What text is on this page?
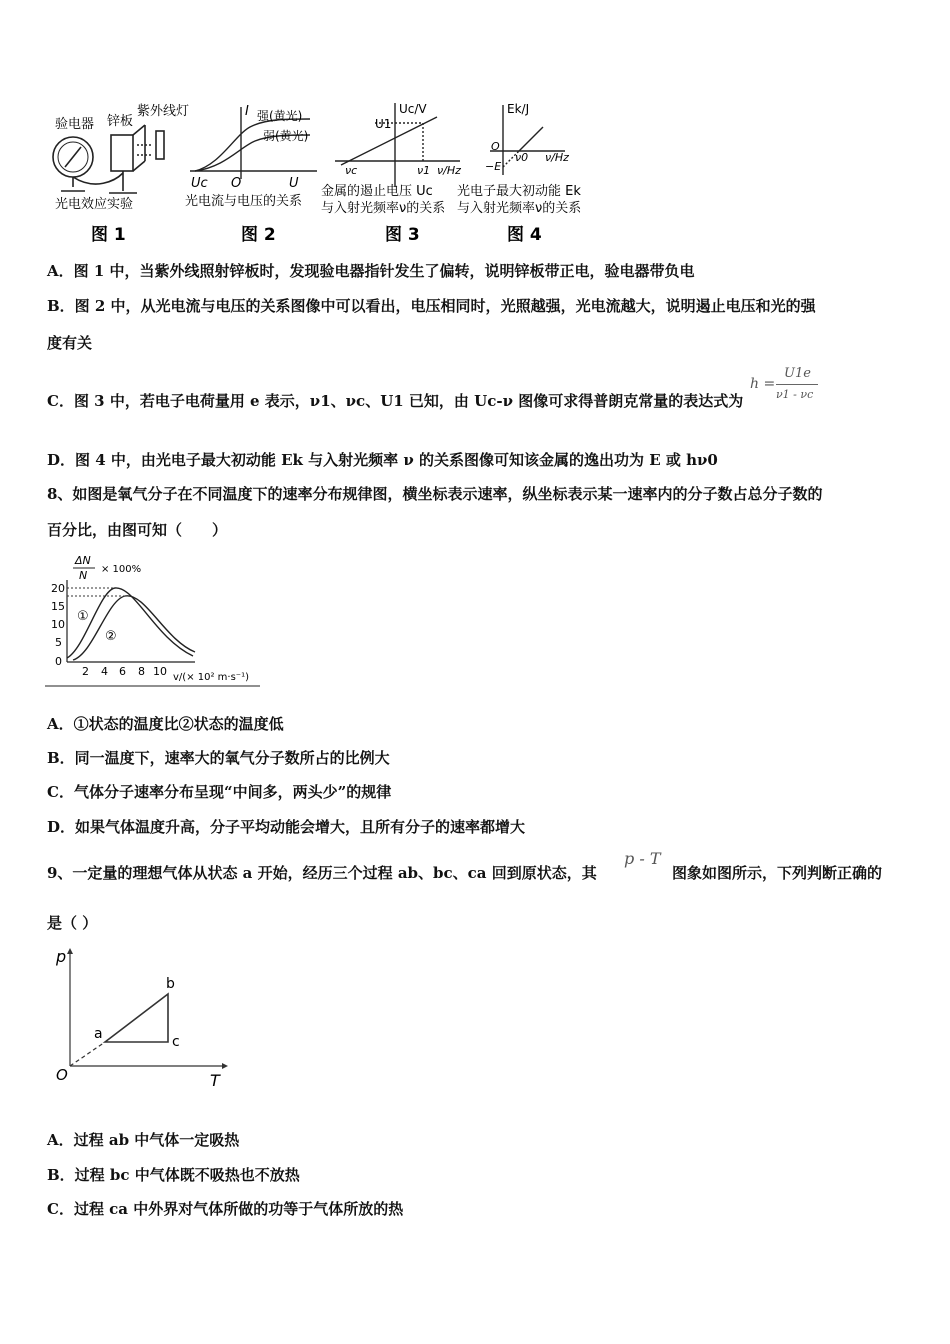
验电器 锌板
紫外线灯
光电效应实验
图 1
I 强(黄光)
弱(黄光)
Uc O	U
光电流与电压的关系
图 2
Uc/V
U1
νc	ν1 ν/Hz
金属的遏止电压 Uc
与入射光频率ν的关系
图 3
Ek/J
O
ν0
−E
ν/Hz
光电子最大初动能 Ek
与入射光频率ν的关系
图 4
A．图 1 中，当紫外线照射锌板时，发现验电器指针发生了偏转，说明锌板带正电，验电器带负电
B．图 2 中，从光电流与电压的关系图像中可以看出，电压相同时，光照越强，光电流越大，说明遏止电压和光的强
度有关
C．图 3 中，若电子电荷量用 e 表示，ν1、νc、U1 已知，由 Uc-ν 图像可求得普朗克常量的表达式为
h =
U1e
ν1 - νc
D．图 4 中，由光电子最大初动能 Ek 与入射光频率 ν 的关系图像可知该金属的逸出功为 E 或 hν0
8、如图是氧气分子在不同温度下的速率分布规律图，横坐标表示速率，纵坐标表示某一速率内的分子数占总分子数的
百分比，由图可知（　　）
ΔN
N × 100%
20
15
10
5
0
2 4 6 8 10 v/(× 10² m·s⁻¹)
①
②
A．①状态的温度比②状态的温度低
B．同一温度下，速率大的氧气分子数所占的比例大
C．气体分子速率分布呈现“中间多，两头少”的规律
D．如果气体温度升高，分子平均动能会增大，且所有分子的速率都增大
9、一定量的理想气体从状态 a 开始，经历三个过程 ab、bc、ca 回到原状态，其
p - T
图象如图所示，下列判断正确的
是（ ）
p
T
O
a
b
c
A．过程 ab 中气体一定吸热
B．过程 bc 中气体既不吸热也不放热
C．过程 ca 中外界对气体所做的功等于气体所放的热
